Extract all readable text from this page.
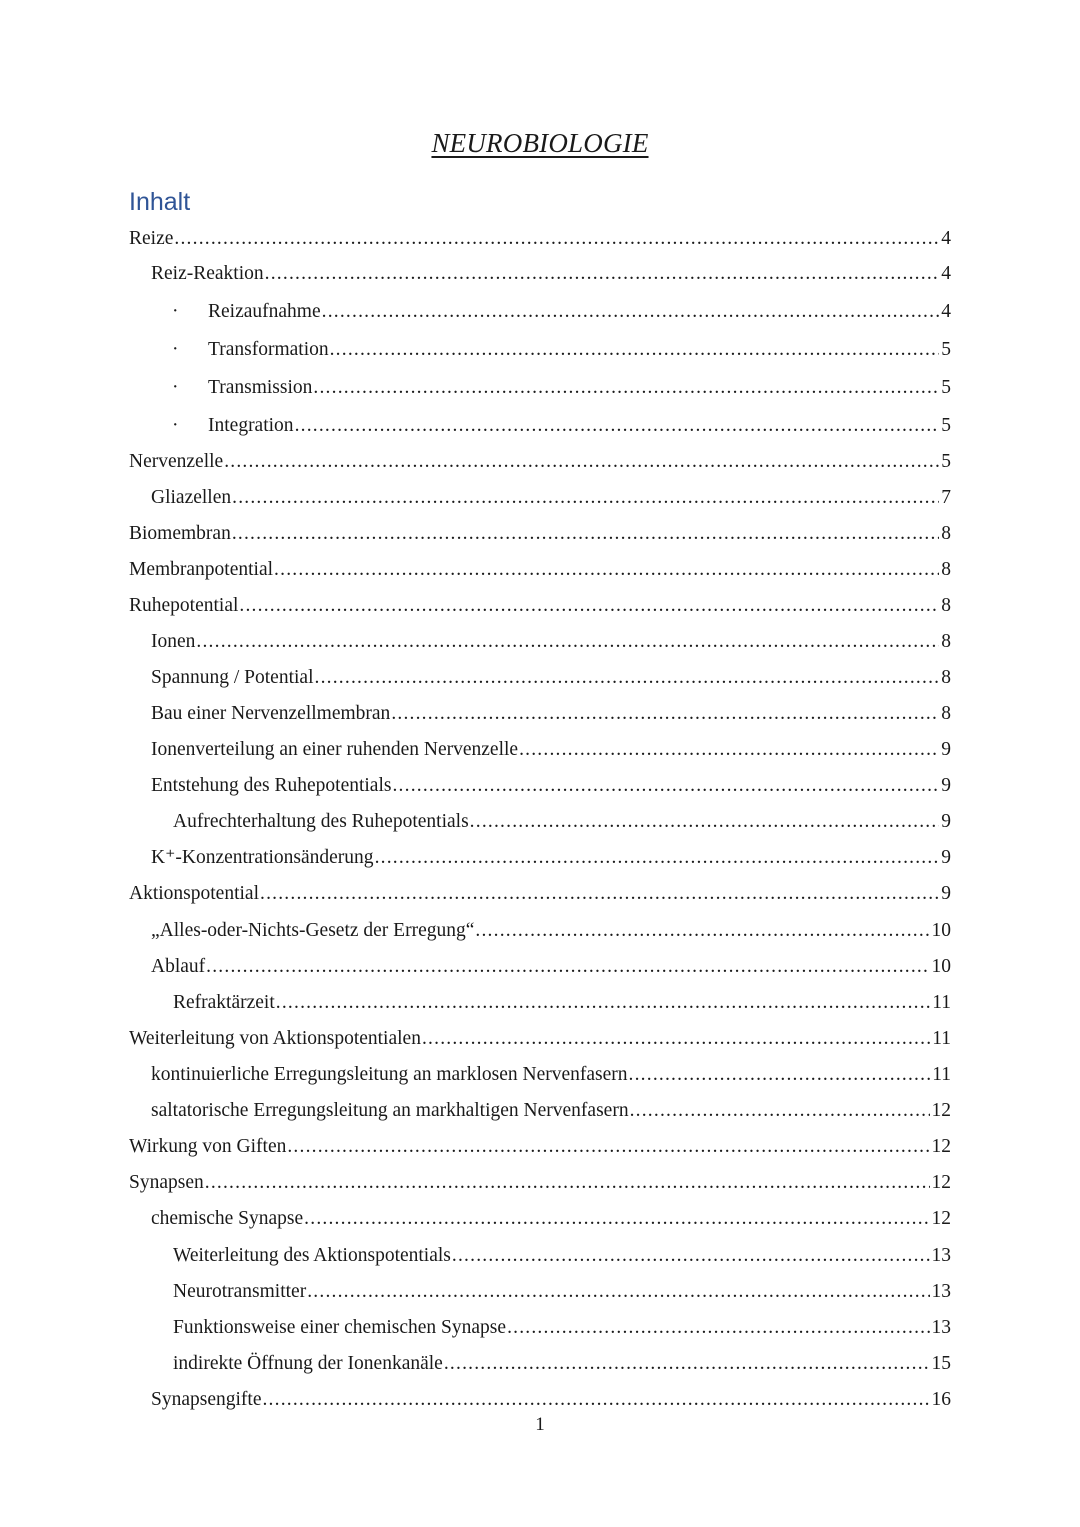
NEUROBIOLOGIE
Inhalt
Reize .....	4
Reiz-Reaktion .....	4
· Reizaufnahme .....	4
· Transformation .....	5
· Transmission .....	5
· Integration .....	5
Nervenzelle .....	5
Gliazellen .....	7
Biomembran .....	8
Membranpotential .....	8
Ruhepotential .....	8
Ionen .....	8
Spannung / Potential .....	8
Bau einer Nervenzellmembran .....	8
Ionenverteilung an einer ruhenden Nervenzelle .....	9
Entstehung des Ruhepotentials .....	9
Aufrechterhaltung des Ruhepotentials .....	9
K⁺-Konzentrationsänderung .....	9
Aktionspotential .....	9
„Alles-oder-Nichts-Gesetz der Erregung“ .....	10
Ablauf .....	10
Refraktärzeit .....	11
Weiterleitung von Aktionspotentialen .....	11
kontinuierliche Erregungsleitung an marklosen Nervenfasern .....	11
saltatorische Erregungsleitung an markhaltigen Nervenfasern .....	12
Wirkung von Giften .....	12
Synapsen .....	12
chemische Synapse .....	12
Weiterleitung des Aktionspotentials .....	13
Neurotransmitter .....	13
Funktionsweise einer chemischen Synapse .....	13
indirekte Öffnung der Ionenkanäle .....	15
Synapsengifte .....	16
1
